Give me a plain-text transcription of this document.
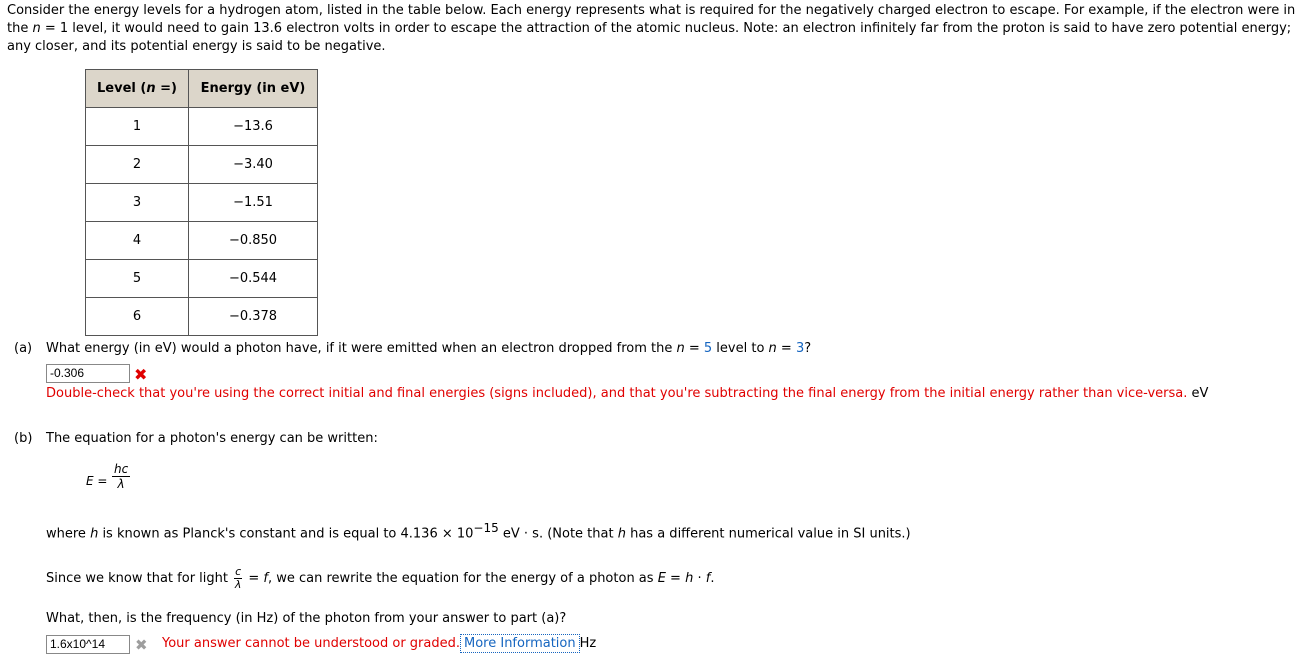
Consider the energy levels for a hydrogen atom, listed in the table below. Each energy represents what is required for the negatively charged electron to escape. For example, if the electron were in the n = 1 level, it would need to gain 13.6 electron volts in order to escape the attraction of the atomic nucleus. Note: an electron infinitely far from the proton is said to have zero potential energy; any closer, and its potential energy is said to be negative.
Level (n =)	Energy (in eV)
1	−13.6
2	−3.40
3	−1.51
4	−0.850
5	−0.544
6	−0.378
(a) What energy (in eV) would a photon have, if it were emitted when an electron dropped from the n = 5 level to n = 3?
-0.306
✖
Double-check that you're using the correct initial and final energies (signs included), and that you're subtracting the final energy from the initial energy rather than vice-versa. eV
(b) The equation for a photon's energy can be written:
$E = \frac{hc}{\lambda}$
where h is known as Planck's constant and is equal to $4.136 \times 10^{-15}$ eV · s. (Note that h has a different numerical value in SI units.)
Since we know that for light $\frac{c}{\lambda} = f$, we can rewrite the equation for the energy of a photon as E = h · f.
What, then, is the frequency (in Hz) of the photon from your answer to part (a)?
1.6x10^14
✖ Your answer cannot be understood or graded. More Information Hz
